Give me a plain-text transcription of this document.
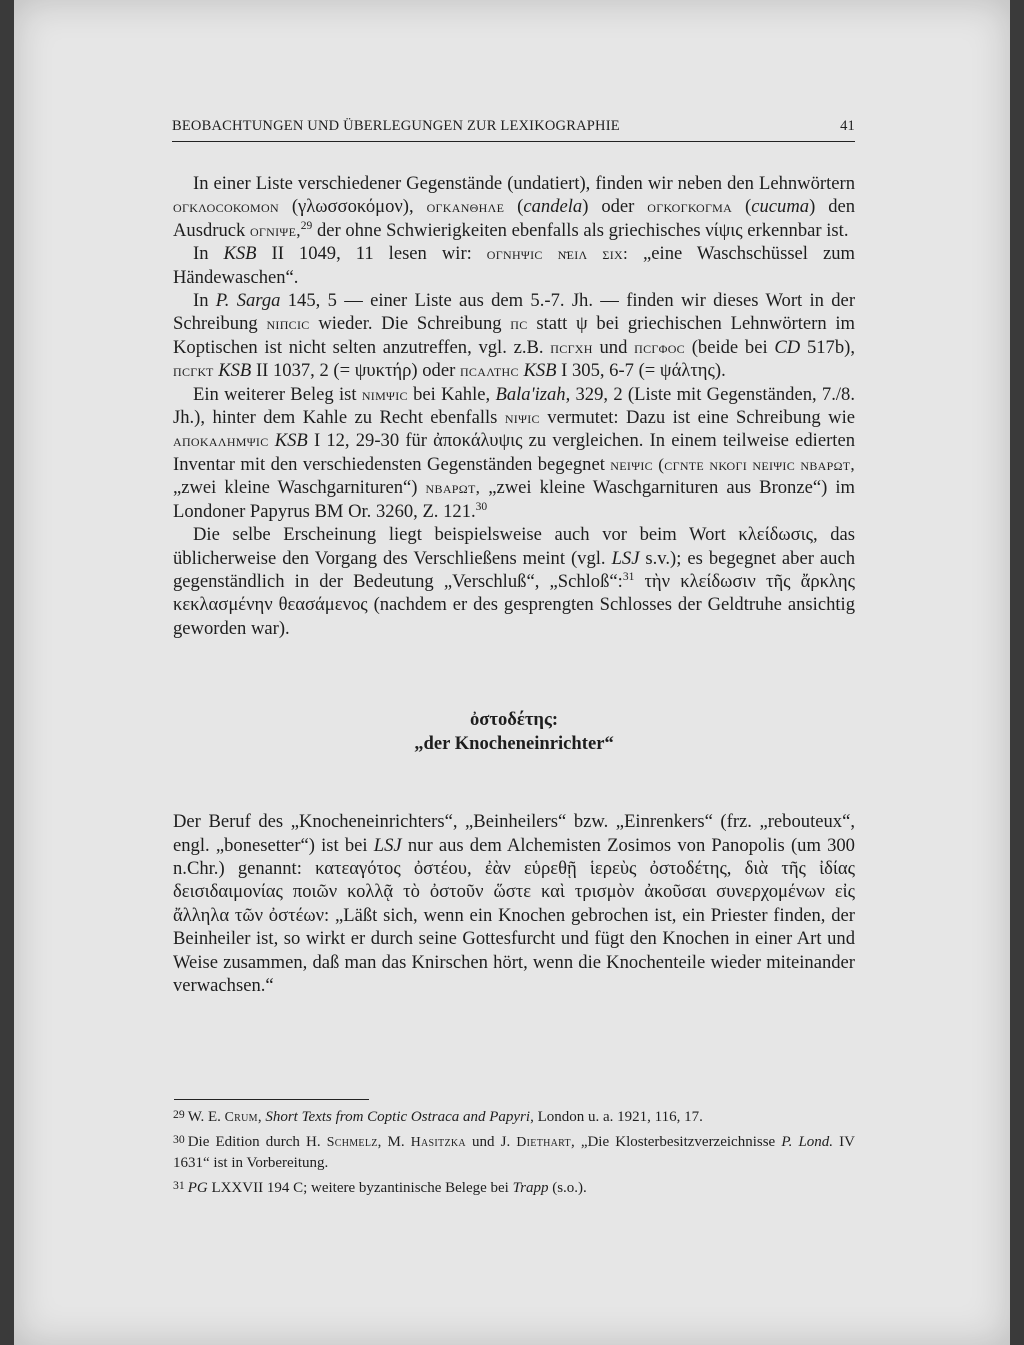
BEOBACHTUNGEN UND ÜBERLEGUNGEN ZUR LEXIKOGRAPHIE	41

In einer Liste verschiedener Gegenstände (undatiert), finden wir neben den Lehnwörtern ογκλοcοκομον (γλωσσοκόμον), ογκανθηλε (candela) oder ογκογκογμα (cucuma) den Ausdruck ογνιψε,$^{29}$ der ohne Schwierigkeiten ebenfalls als griechisches νίψις erkennbar ist.

In KSB II 1049, 11 lesen wir: ογνηψιc ν̄ειλ σιχ: „eine Waschschüssel zum Händewaschen“.

In P. Sarga 145, 5 — einer Liste aus dem 5.-7. Jh. — finden wir dieses Wort in der Schreibung νιπcιc wieder. Die Schreibung πc statt ψ bei griechischen Lehnwörtern im Koptischen ist nicht selten anzutreffen, vgl. z.B. πcγχη und πcγφοc (beide bei CD 517b), πcγκτ KSB II 1037, 2 (= ψυκτήρ) oder πcαλτηc KSB I 305, 6-7 (= ψάλτης).

Ein weiterer Beleg ist νιμψιc bei Kahle, Bala'izah, 329, 2 (Liste mit Gegenständen, 7./8. Jh.), hinter dem Kahle zu Recht ebenfalls νιψιc vermutet: Dazu ist eine Schreibung wie αποκαλημψιc KSB I 12, 29-30 für ἀποκάλυψις zu vergleichen. In einem teilweise edierten Inventar mit den verschiedensten Gegenständen begegnet νειψιc (cγντε νκογι νειψιc νβαρωτ, „zwei kleine Waschgarnituren“) νβαρωτ, „zwei kleine Waschgarnituren aus Bronze“) im Londoner Papyrus BM Or. 3260, Z. 121.30

Die selbe Erscheinung liegt beispielsweise auch vor beim Wort κλείδωσις, das üblicherweise den Vorgang des Verschließens meint (vgl. LSJ s.v.); es begegnet aber auch gegenständlich in der Bedeutung „Verschluß“, „Schloß“:$^{31}$ τὴν κλείδωσιν τῆς ἄρκλης κεκλασμένην θεασάμενος (nachdem er des gesprengten Schlosses der Geldtruhe ansichtig geworden war).

ὀστοδέτης:
„der Knocheneinrichter“

Der Beruf des „Knocheneinrichters“, „Beinheilers“ bzw. „Einrenkers“ (frz. „rebouteux“, engl. „bonesetter“) ist bei LSJ nur aus dem Alchemisten Zosimos von Panopolis (um 300 n.Chr.) genannt: κατεαγότος ὀστέου, ἐὰν εὑρεθῇ ἱερεὺς ὀστοδέτης, διὰ τῆς ἰδίας δεισιδαιμονίας ποιῶν κολλᾷ τὸ ὀστοῦν ὥστε καὶ τρισμὸν ἀκοῦσαι συνερχομένων εἰς ἄλληλα τῶν ὀστέων: „Läßt sich, wenn ein Knochen gebrochen ist, ein Priester finden, der Beinheiler ist, so wirkt er durch seine Gottesfurcht und fügt den Knochen in einer Art und Weise zusammen, daß man das Knirschen hört, wenn die Knochenteile wieder miteinander verwachsen.“

$^{29}$ W. E. Crum, Short Texts from Coptic Ostraca and Papyri, London u. a. 1921, 116, 17.

$^{30}$ Die Edition durch H. Schmelz, M. Hasitzka und J. Diethart, „Die Klosterbesitzverzeichnisse P. Lond. IV 1631“ ist in Vorbereitung.

$^{31}$ PG LXXVII 194 C; weitere byzantinische Belege bei Trapp (s.o.).
